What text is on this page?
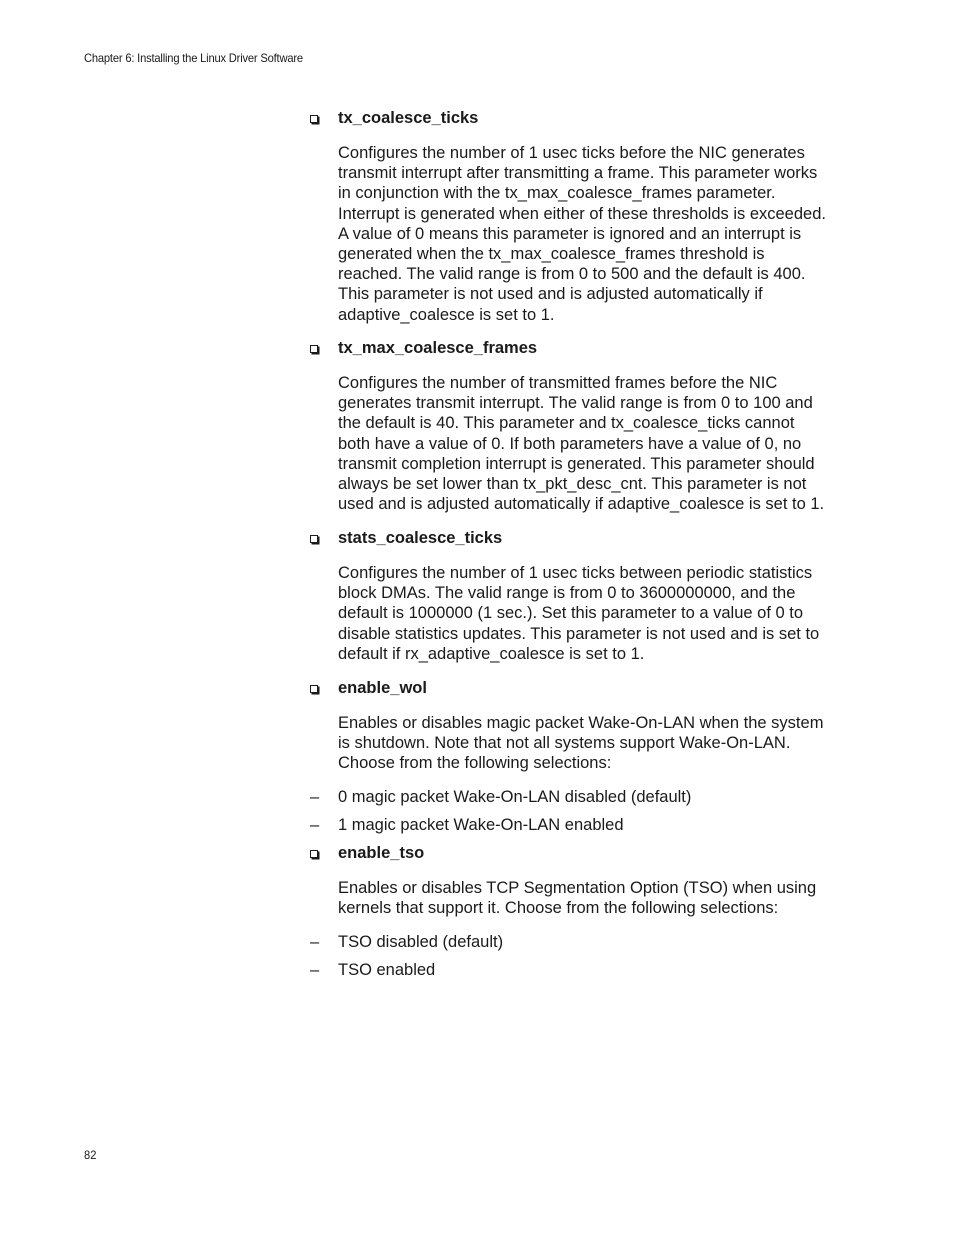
Chapter 6: Installing the Linux Driver Software
tx_coalesce_ticks
Configures the number of 1 usec ticks before the NIC generates
transmit interrupt after transmitting a frame. This parameter works
in conjunction with the tx_max_coalesce_frames parameter.
Interrupt is generated when either of these thresholds is exceeded.
A value of 0 means this parameter is ignored and an interrupt is
generated when the tx_max_coalesce_frames threshold is
reached. The valid range is from 0 to 500 and the default is 400.
This parameter is not used and is adjusted automatically if
adaptive_coalesce is set to 1.
tx_max_coalesce_frames
Configures the number of transmitted frames before the NIC
generates transmit interrupt. The valid range is from 0 to 100 and
the default is 40. This parameter and tx_coalesce_ticks cannot
both have a value of 0. If both parameters have a value of 0, no
transmit completion interrupt is generated. This parameter should
always be set lower than tx_pkt_desc_cnt. This parameter is not
used and is adjusted automatically if adaptive_coalesce is set to 1.
stats_coalesce_ticks
Configures the number of 1 usec ticks between periodic statistics
block DMAs. The valid range is from 0 to 3600000000, and the
default is 1000000 (1 sec.). Set this parameter to a value of 0 to
disable statistics updates. This parameter is not used and is set to
default if rx_adaptive_coalesce is set to 1.
enable_wol
Enables or disables magic packet Wake-On-LAN when the system
is shutdown. Note that not all systems support Wake-On-LAN.
Choose from the following selections:
– 0 magic packet Wake-On-LAN disabled (default)
– 1 magic packet Wake-On-LAN enabled
enable_tso
Enables or disables TCP Segmentation Option (TSO) when using
kernels that support it. Choose from the following selections:
– TSO disabled (default)
– TSO enabled
82
